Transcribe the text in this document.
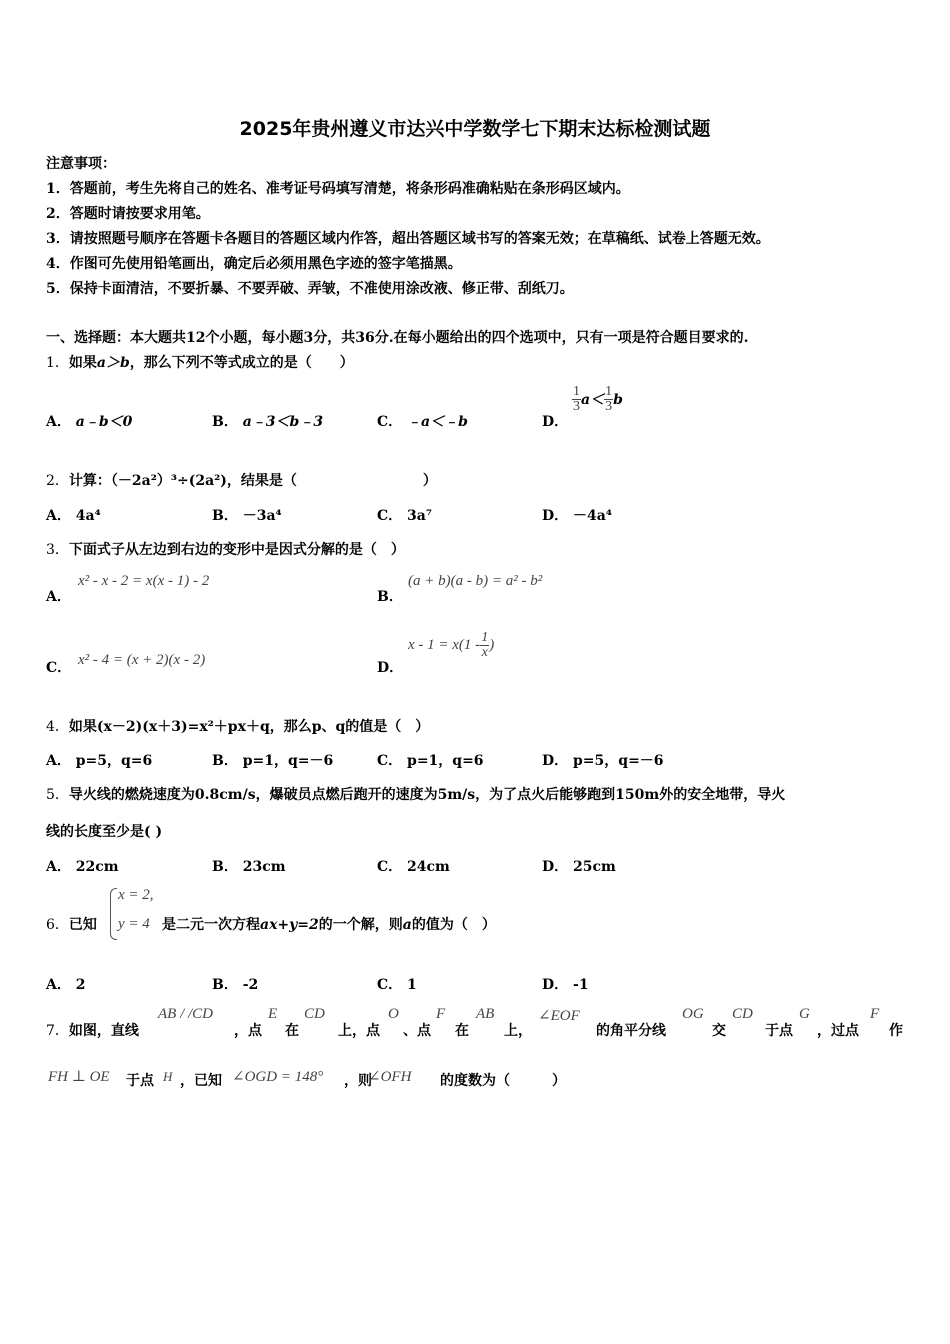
2025年贵州遵义市达兴中学数学七下期末达标检测试题
注意事项：
1．答题前，考生先将自己的姓名、准考证号码填写清楚，将条形码准确粘贴在条形码区域内。
2．答题时请按要求用笔。
3．请按照题号顺序在答题卡各题目的答题区域内作答，超出答题区域书写的答案无效；在草稿纸、试卷上答题无效。
4．作图可先使用铅笔画出，确定后必须用黑色字迹的签字笔描黑。
5．保持卡面清洁，不要折暴、不要弄破、弄皱，不准使用涂改液、修正带、刮纸刀。
一、选择题：本大题共12个小题，每小题3分，共36分.在每小题给出的四个选项中，只有一项是符合题目要求的.
1．如果a＞b，那么下列不等式成立的是（　　）
A． a﹣b＜0	B． a﹣3＜b﹣3	C． ﹣a＜﹣b	D．
$\frac{1}{3} a< \frac{1}{3}$ b
2．计算：（－2a²）³÷(2a²)，结果是（　　　　　　　　　）
A． 4a⁴	B． －3a⁴	C． 3a⁷	D． －4a⁴
3．下面式子从左边到右边的变形中是因式分解的是（　）
A．
x² - x - 2 = x(x - 1) - 2
B．
(a + b)(a - b) = a² - b²
C． x² - 4 = (x + 2)(x - 2)	D．
$x - 1 = x(1 - \frac{1}{x}$ )
4．如果(x－2)(x＋3)=x²＋px＋q，那么p、q的值是（　）
A． p=5，q=6	B． p=1，q=－6	C． p=1，q=6	D． p=5，q=－6
5．导火线的燃烧速度为0.8cm/s，爆破员点燃后跑开的速度为5m/s，为了点火后能够跑到150m外的安全地带，导火
线的长度至少是( )
A． 22cm	B． 23cm	C． 24cm	D． 25cm
6．已知
x = 2,
y = 4 是二元一次方程ax+y=2的一个解，则a的值为（　）
A． 2	B． -2	C． 1	D． -1
7．如图，直线
AB / /CD
，点
E
在
CD
上，点
O
、点
F
在
AB
上，
∠EOF
的角平分线
OG
交
CD
于点
G
，过点
F
作
FH ⊥ OE 于点 H ，已知 ∠OGD = 148° ，则
∠OFH 的度数为（　　　）
